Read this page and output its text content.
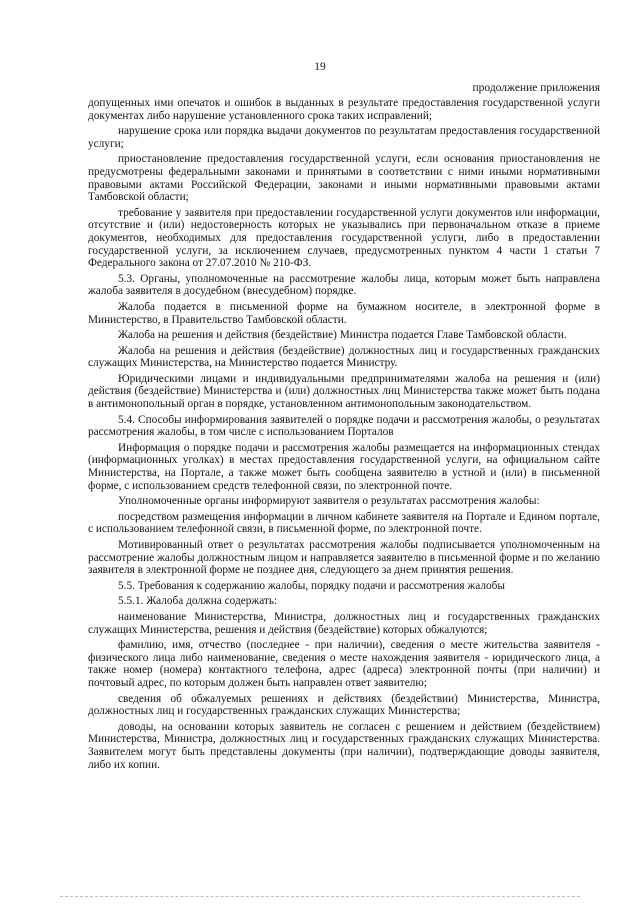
19
продолжение приложения

допущенных ими опечаток и ошибок в выданных в результате предоставления государственной услуги документах либо нарушение установленного срока таких исправлений;

нарушение срока или порядка выдачи документов по результатам предоставления государственной услуги;

приостановление предоставления государственной услуги, если основания приостановления не предусмотрены федеральными законами и принятыми в соответствии с ними иными нормативными правовыми актами Российской Федерации, законами и иными нормативными правовыми актами Тамбовской области;

требование у заявителя при предоставлении государственной услуги документов или информации, отсутствие и (или) недостоверность которых не указывались при первоначальном отказе в приеме документов, необходимых для предоставления государственной услуги, либо в предоставлении государственной услуги, за исключением случаев, предусмотренных пунктом 4 части 1 статьи 7 Федерального закона от 27.07.2010 № 210-ФЗ.

5.3. Органы, уполномоченные на рассмотрение жалобы лица, которым может быть направлена жалоба заявителя в досудебном (внесудебном) порядке.

Жалоба подается в письменной форме на бумажном носителе, в электронной форме в Министерство, в Правительство Тамбовской области.

Жалоба на решения и действия (бездействие) Министра подается Главе Тамбовской области.

Жалоба на решения и действия (бездействие) должностных лиц и государственных гражданских служащих Министерства, на Министерство подается Министру.

Юридическими лицами и индивидуальными предпринимателями жалоба на решения и (или) действия (бездействие) Министерства и (или) должностных лиц Министерства также может быть подана в антимонопольный орган в порядке, установленном антимонопольным законодательством.

5.4. Способы информирования заявителей о порядке подачи и рассмотрения жалобы, о результатах рассмотрения жалобы, в том числе с использованием Порталов

Информация о порядке подачи и рассмотрения жалобы размещается на информационных стендах (информационных уголках) в местах предоставления государственной услуги, на официальном сайте Министерства, на Портале, а также может быть сообщена заявителю в устной и (или) в письменной форме, с использованием средств телефонной связи, по электронной почте.

Уполномоченные органы информируют заявителя о результатах рассмотрения жалобы:

посредством размещения информации в личном кабинете заявителя на Портале и Едином портале, с использованием телефонной связи, в письменной форме, по электронной почте.

Мотивированный ответ о результатах рассмотрения жалобы подписывается уполномоченным на рассмотрение жалобы должностным лицом и направляется заявителю в письменной форме и по желанию заявителя в электронной форме не позднее дня, следующего за днем принятия решения.

5.5. Требования к содержанию жалобы, порядку подачи и рассмотрения жалобы

5.5.1. Жалоба должна содержать:

наименование Министерства, Министра, должностных лиц и государственных гражданских служащих Министерства, решения и действия (бездействие) которых обжалуются;

фамилию, имя, отчество (последнее - при наличии), сведения о месте жительства заявителя - физического лица либо наименование, сведения о месте нахождения заявителя - юридического лица, а также номер (номера) контактного телефона, адрес (адреса) электронной почты (при наличии) и почтовый адрес, по которым должен быть направлен ответ заявителю;

сведения об обжалуемых решениях и действиях (бездействии) Министерства, Министра, должностных лиц и государственных гражданских служащих Министерства;

доводы, на основании которых заявитель не согласен с решением и действием (бездействием) Министерства, Министра, должностных лиц и государственных гражданских служащих Министерства. Заявителем могут быть представлены документы (при наличии), подтверждающие доводы заявителя, либо их копии.
